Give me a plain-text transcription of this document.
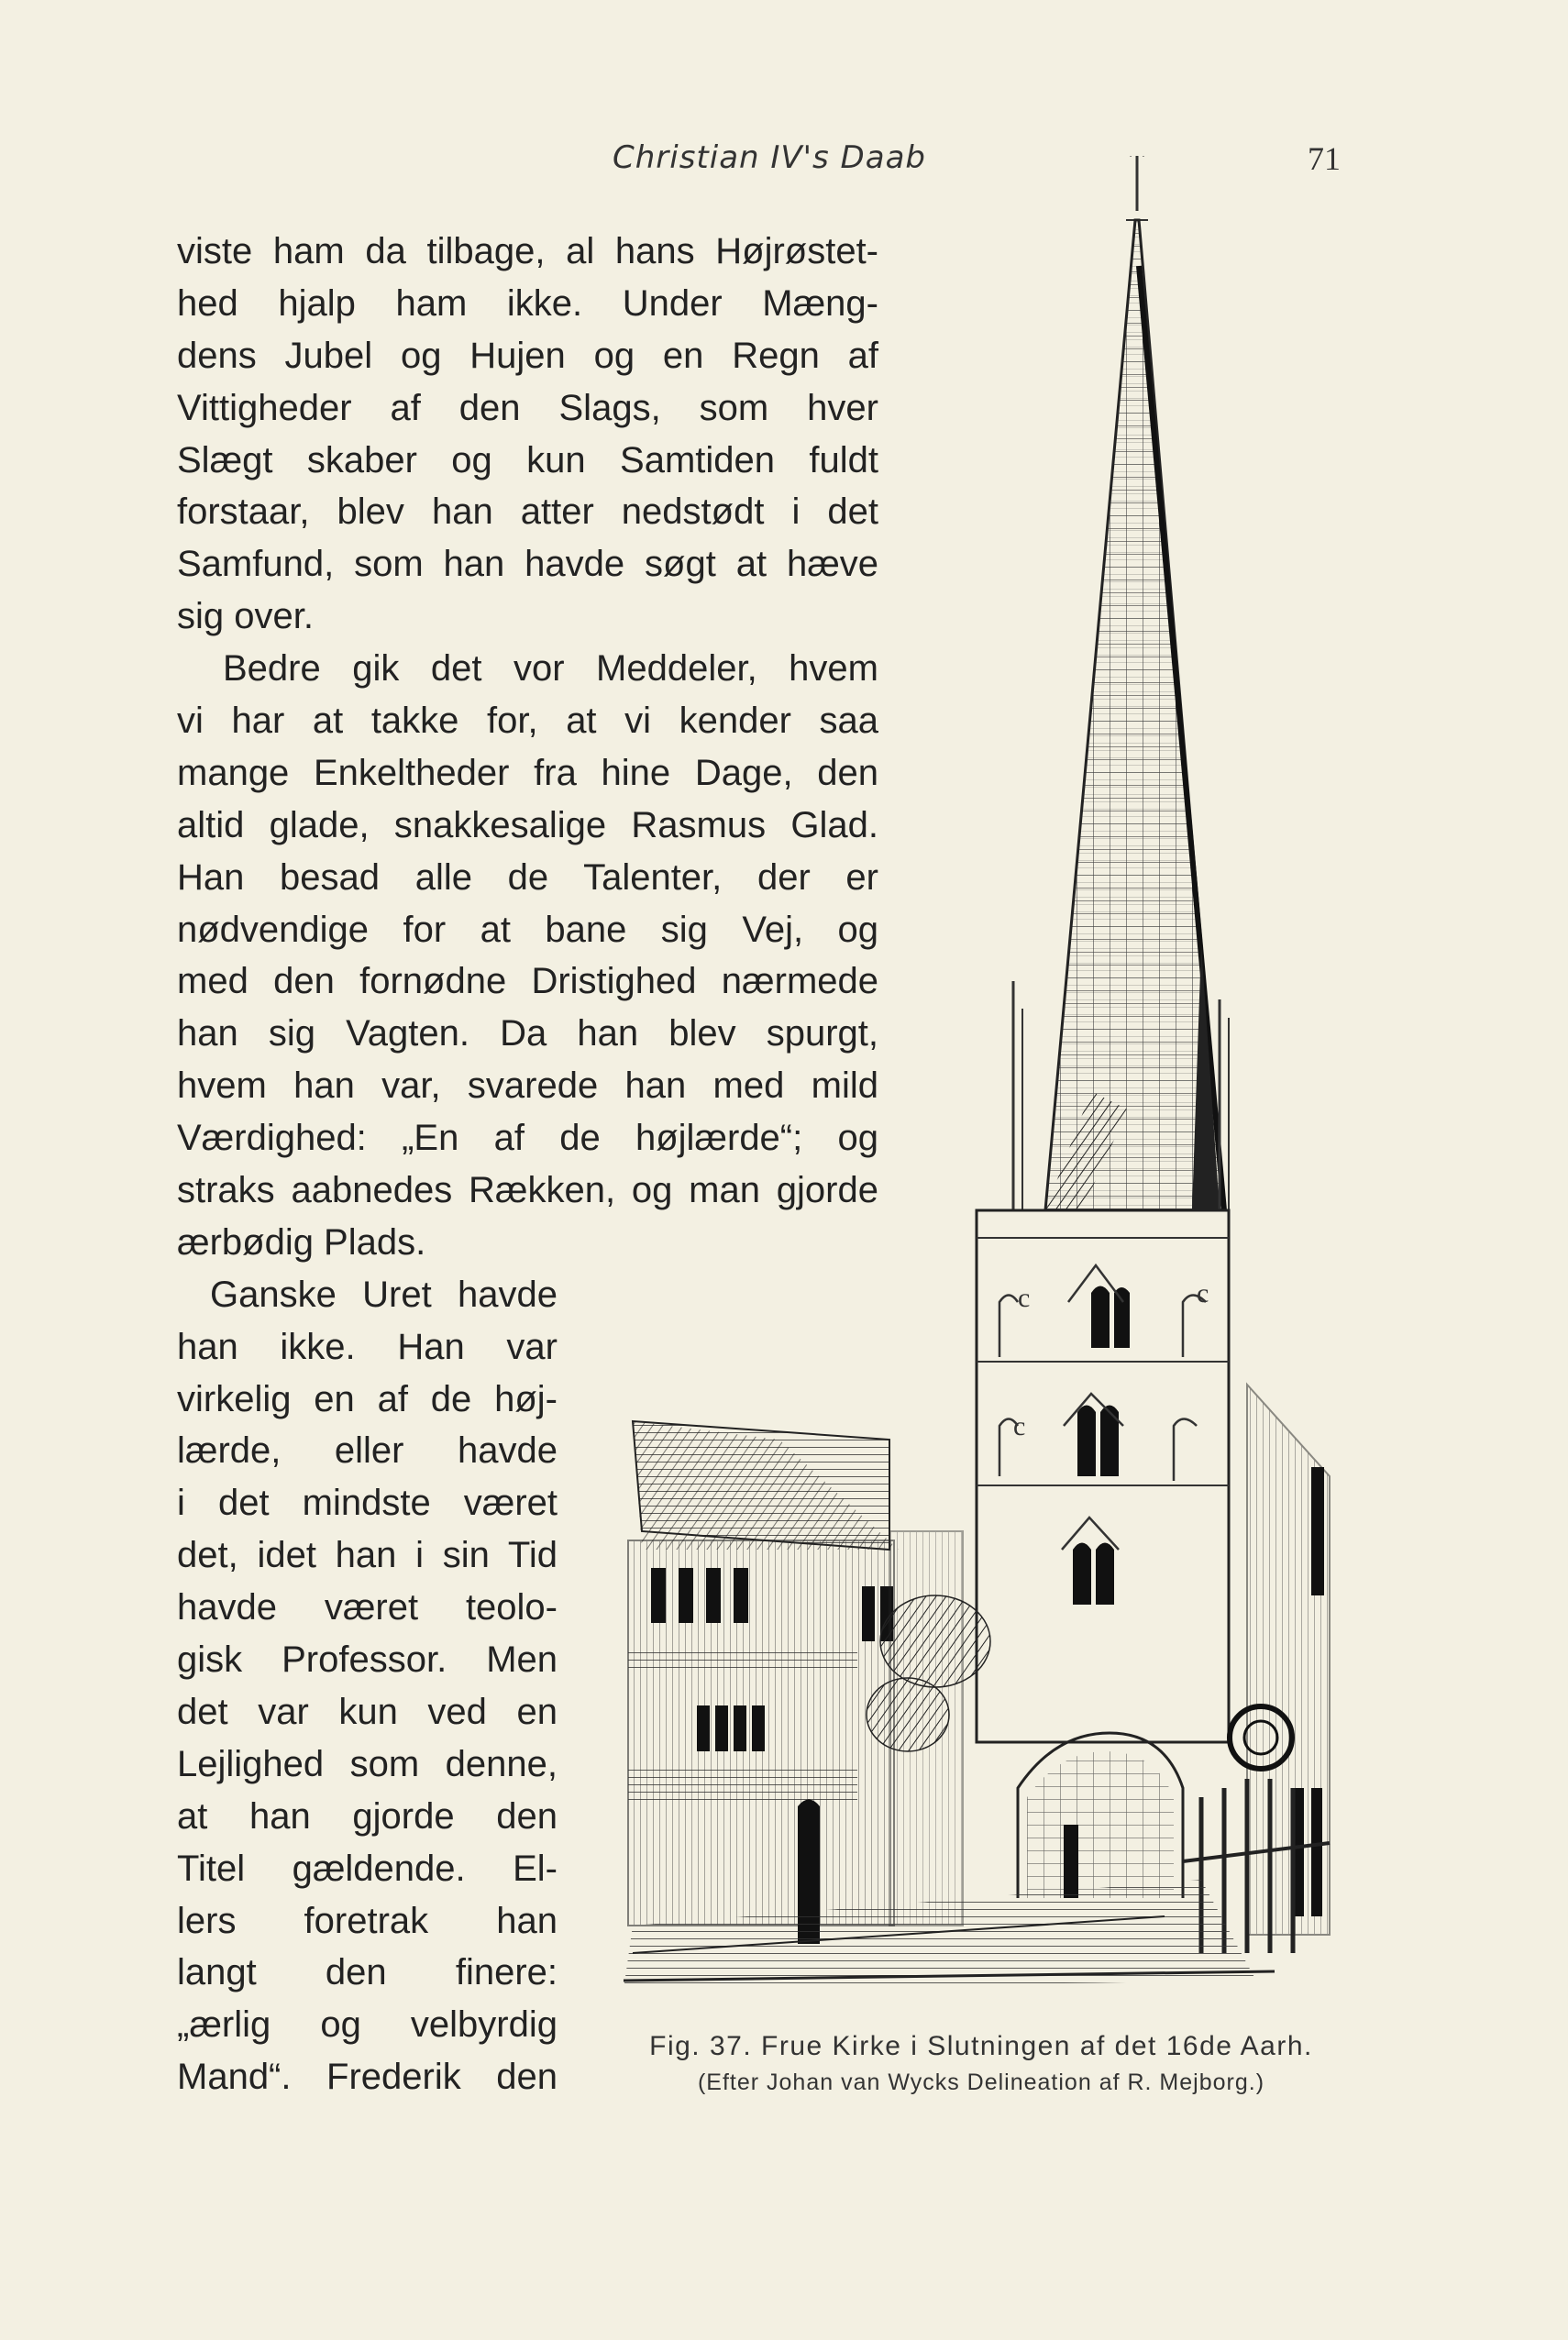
Christian IV's Daab	71
viste ham da tilbage, al hans Højrøstet-
hed hjalp ham ikke. Under Mæng-
dens Jubel og Hujen og en Regn af
Vittigheder af den Slags, som hver
Slægt skaber og kun Samtiden fuldt
forstaar, blev han atter nedstødt i det
Samfund, som han havde søgt at hæve
sig over.
Bedre gik det vor Meddeler, hvem
vi har at takke for, at vi kender saa
mange Enkeltheder fra hine Dage, den
altid glade, snakkesalige Rasmus Glad.
Han besad alle de Talenter, der er
nødvendige for at bane sig Vej, og
med den fornødne Dristighed nærmede
han sig Vagten. Da han blev spurgt,
hvem han var, svarede han med mild
Værdighed: „En af de højlærde“; og
straks aabnedes Rækken, og man gjorde
ærbødig Plads.
Ganske Uret havde
han ikke. Han var
virkelig en af de høj-
lærde, eller havde
i det mindste været
det, idet han i sin Tid
havde været teolo-
gisk Professor. Men
det var kun ved en
Lejlighed som denne,
at han gjorde den
Titel gældende. El-
lers foretrak han
langt den finere:
„ærlig og velbyrdig
Mand“. Frederik den
c	c
c
Fig. 37. Frue Kirke i Slutningen af det 16de Aarh.
(Efter Johan van Wycks Delineation af R. Mejborg.)
